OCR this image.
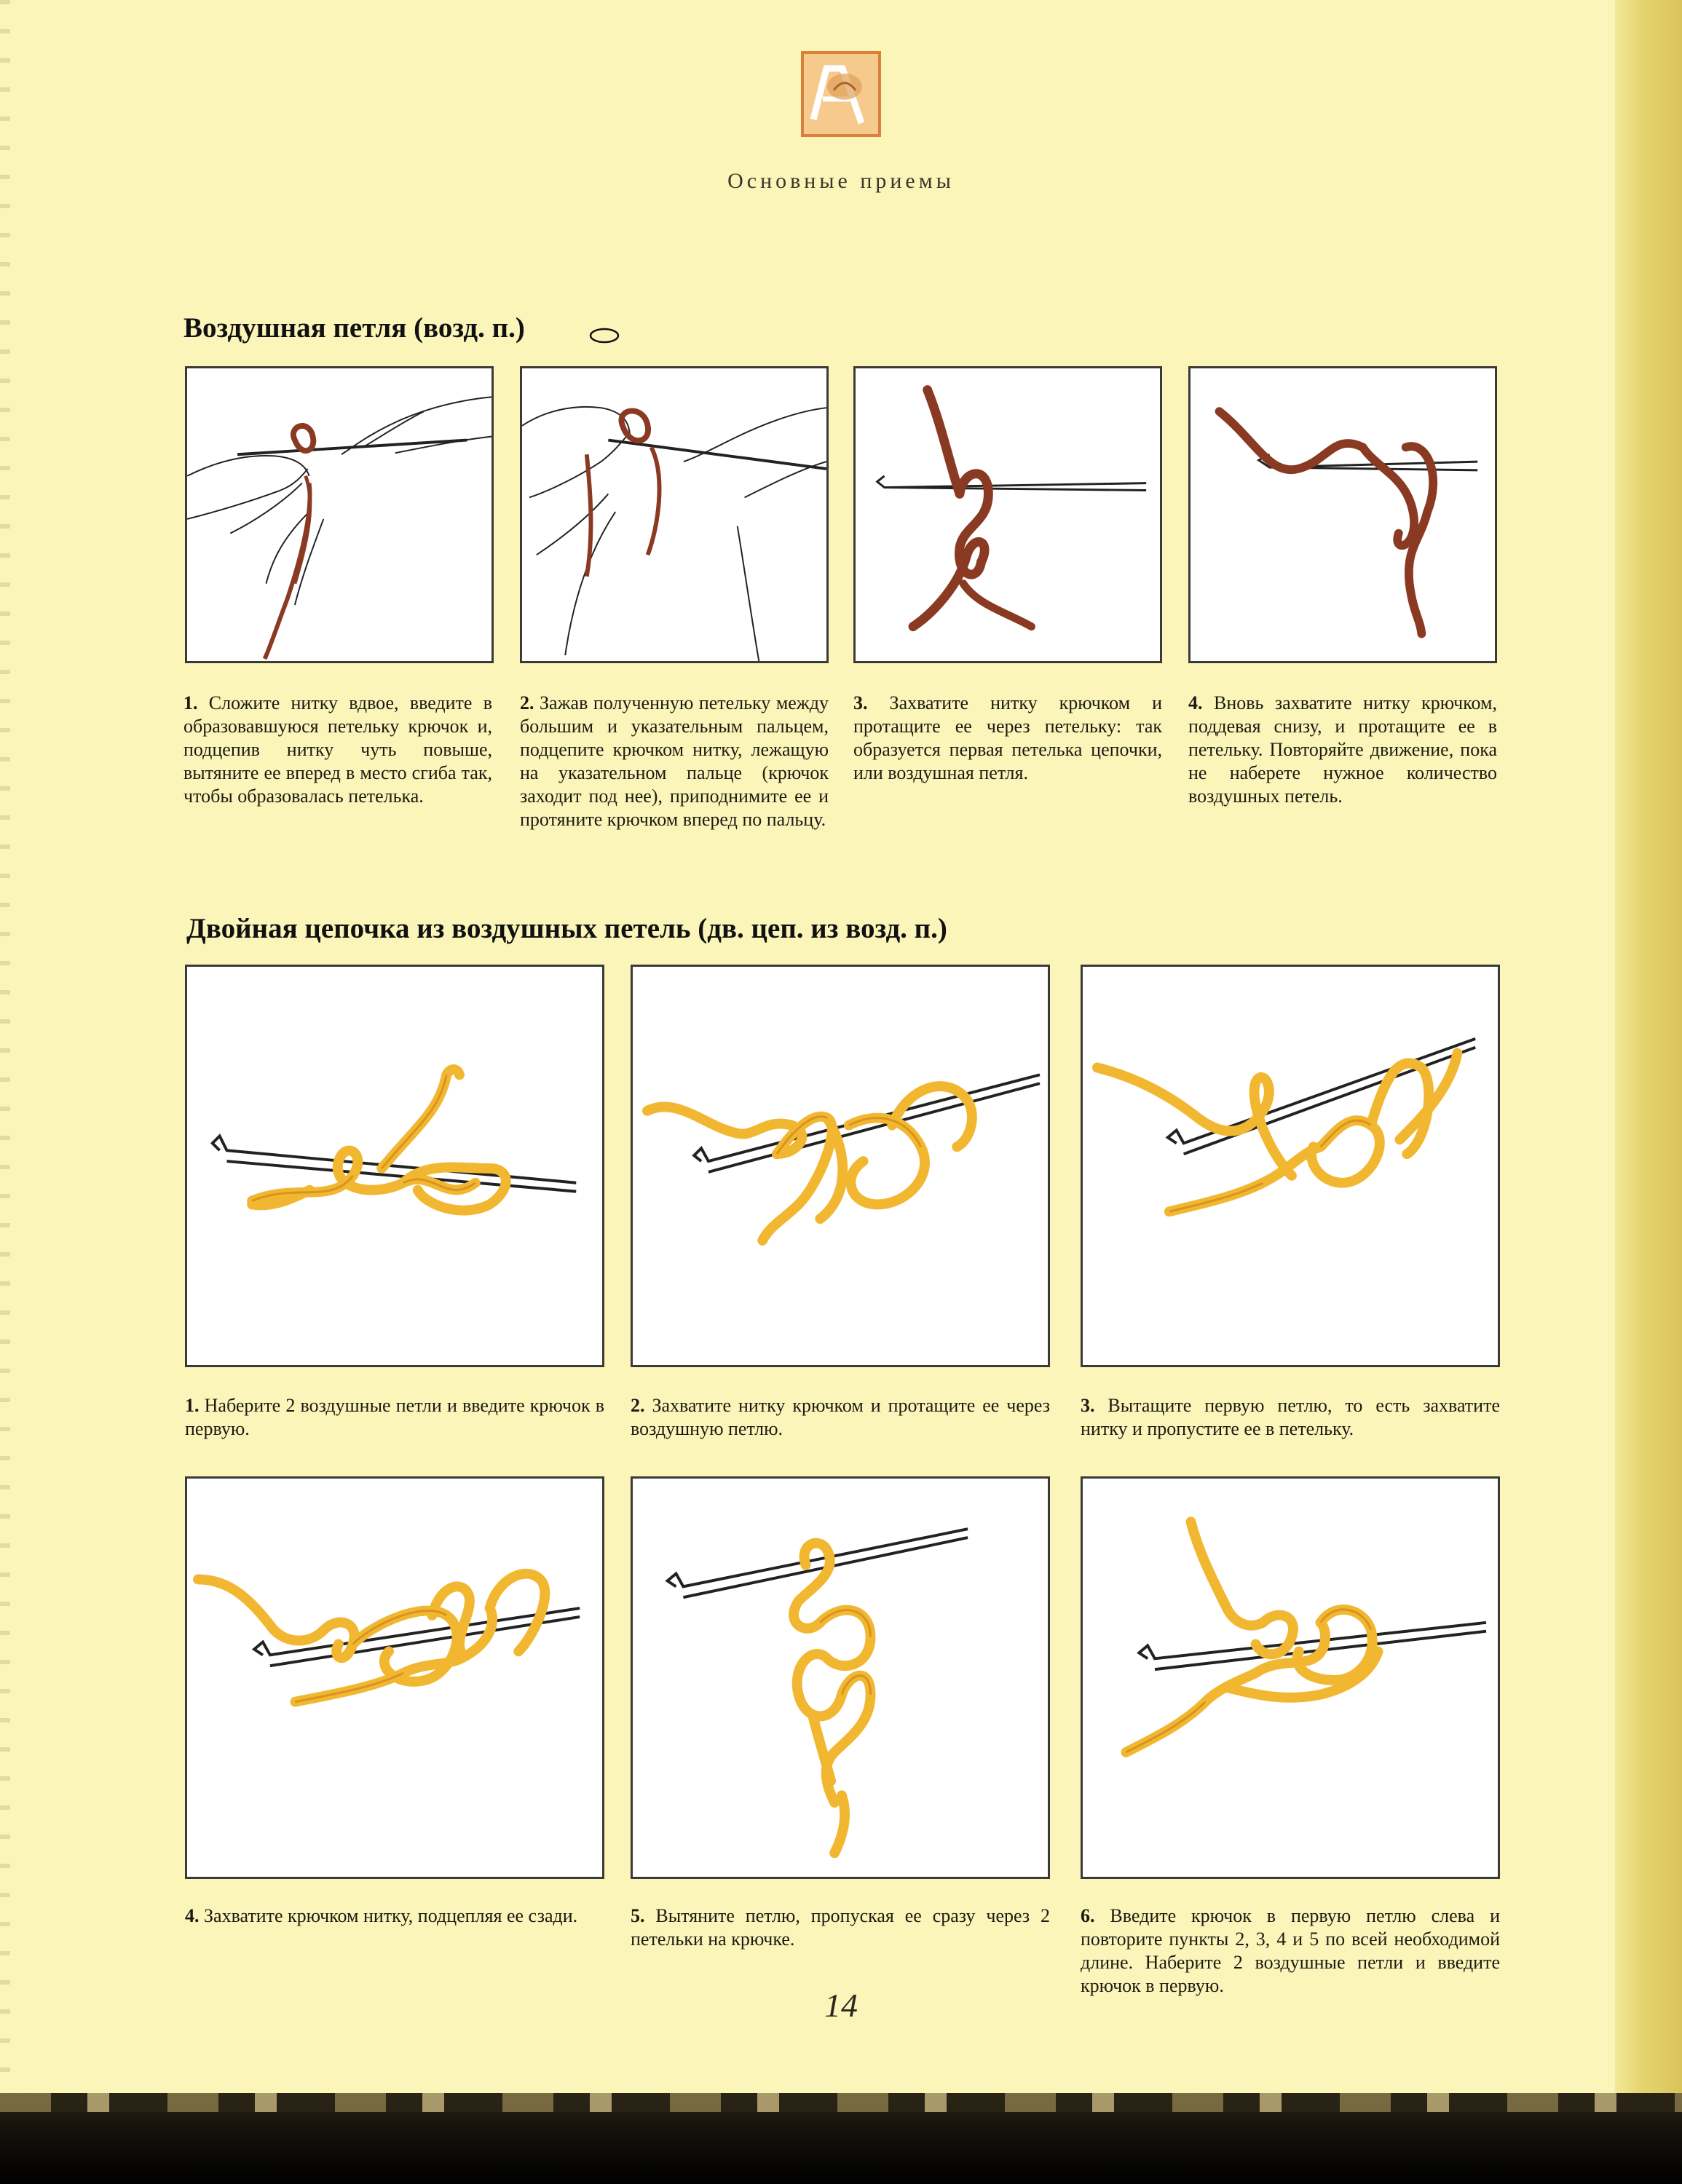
Основные приемы
Воздушная петля (возд. п.)
1. Сложите нитку вдвое, введите в образовавшуюся петельку крючок и, подцепив нитку чуть повыше, вытяните ее вперед в место сгиба так, чтобы образовалась петелька.
2. Зажав полученную петельку между большим и указательным пальцем, подцепите крючком нитку, лежащую на указательном пальце (крючок заходит под нее), приподнимите ее и протяните крючком вперед по пальцу.
3. Захватите нитку крючком и протащите ее через петельку: так образуется первая петелька цепочки, или воздушная петля.
4. Вновь захватите нитку крючком, поддевая снизу, и протащите ее в петельку. Повторяйте движение, пока не наберете нужное количество воздушных петель.
Двойная цепочка из воздушных петель (дв. цеп. из возд. п.)
1. Наберите 2 воздушные петли и введите крючок в первую.
2. Захватите нитку крючком и протащите ее через воздушную петлю.
3. Вытащите первую петлю, то есть захватите нитку и пропустите ее в петельку.
4. Захватите крючком нитку, подцепляя ее сзади.	5. Вытяните петлю, пропуская ее сразу через 2 петельки на крючке.
6. Введите крючок в первую петлю слева и повторите пункты 2, 3, 4 и 5 по всей необходимой длине. Наберите 2 воздушные петли и введите крючок в первую.
14
